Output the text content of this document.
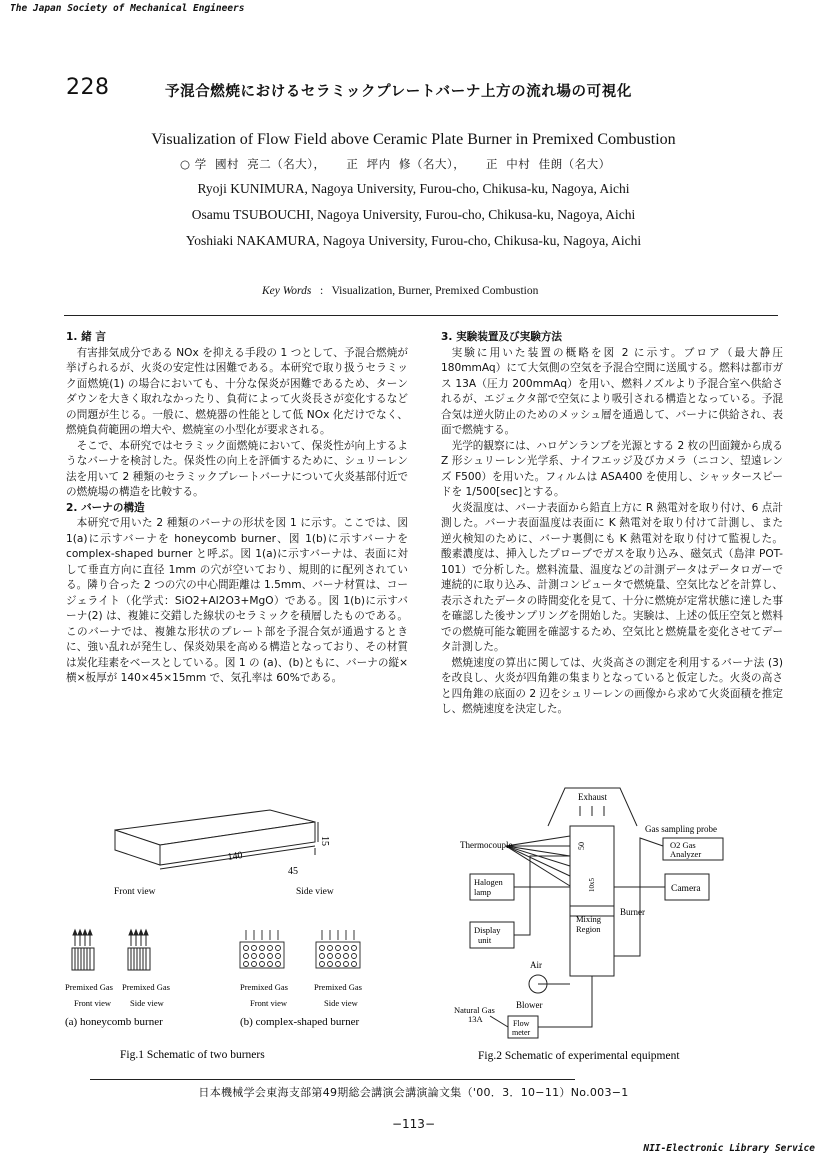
The Japan Society of Mechanical Engineers
228	予混合燃焼におけるセラミックプレートバーナ上方の流れ場の可視化
Visualization of Flow Field above Ceramic Plate Burner in Premixed Combustion
○ 学  國村  亮二（名大），     正  坪内  修（名大），     正  中村  佳朗（名大）
Ryoji KUNIMURA, Nagoya University, Furou-cho, Chikusa-ku, Nagoya, Aichi
Osamu TSUBOUCHI, Nagoya University, Furou-cho, Chikusa-ku, Nagoya, Aichi
Yoshiaki NAKAMURA, Nagoya University, Furou-cho, Chikusa-ku, Nagoya, Aichi
Key Words : Visualization, Burner, Premixed Combustion
1. 緒 言
有害排気成分である NOx を抑える手段の 1 つとして、予混合燃焼が挙げられるが、火炎の安定性は困難である。本研究で取り扱うセラミック面燃焼(1) の場合においても、十分な保炎が困難であるため、ターンダウンを大きく取れなかったり、負荷によって火炎長さが変化するなどの問題が生じる。一般に、燃焼器の性能として低 NOx 化だけでなく、燃焼負荷範囲の増大や、燃焼室の小型化が要求される。
そこで、本研究ではセラミック面燃焼において、保炎性が向上するようなバーナを検討した。保炎性の向上を評価するために、シュリーレン法を用いて 2 種類のセラミックプレートバーナについて火炎基部付近での燃焼場の構造を比較する。
2. バーナの構造
本研究で用いた 2 種類のバーナの形状を図 1 に示す。ここでは、図 1(a)に示すバーナを honeycomb burner、図 1(b)に示すバーナを complex-shaped burner と呼ぶ。図 1(a)に示すバーナは、表面に対して垂直方向に直径 1mm の穴が空いており、規則的に配列されている。隣り合った 2 つの穴の中心間距離は 1.5mm、バーナ材質は、コージェライト（化学式：SiO2+Al2O3+MgO）である。図 1(b)に示すバーナ(2) は、複雑に交錯した線状のセラミックを積層したものである。このバーナでは、複雑な形状のプレート部を予混合気が通過するときに、強い乱れが発生し、保炎効果を高める構造となっており、その材質は炭化珪素をベースとしている。図 1 の (a)、(b)ともに、バーナの縦×横×板厚が 140×45×15mm で、気孔率は 60%である。
3. 実験装置及び実験方法
実験に用いた装置の概略を図 2 に示す。ブロア（最大静圧 180mmAq）にて大気側の空気を予混合空間に送風する。燃料は都市ガス 13A（圧力 200mmAq）を用い、燃料ノズルより予混合室へ供給されるが、エジェクタ部で空気により吸引される構造となっている。予混合気は逆火防止のためのメッシュ層を通過して、バーナに供給され、表面で燃焼する。
光学的観察には、ハロゲンランプを光源とする 2 枚の凹面鏡から成る Z 形シュリーレン光学系、ナイフエッジ及びカメラ（ニコン、望遠レンズ F500）を用いた。フィルムは ASA400 を使用し、シャッタースピードを 1/500[sec]とする。
火炎温度は、バーナ表面から鉛直上方に R 熱電対を取り付け、6 点計測した。バーナ表面温度は表面に K 熱電対を取り付けて計測し、また逆火検知のために、バーナ裏側にも K 熱電対を取り付けて監視した。酸素濃度は、挿入したプローブでガスを取り込み、磁気式（島津 POT-101）で分析した。燃料流量、温度などの計測データはデータロガーで連続的に取り込み、計測コンピュータで燃焼量、空気比などを計算し、表示されたデータの時間変化を見て、十分に燃焼が定常状態に達した事を確認した後サンプリングを開始した。実験は、上述の低圧空気と燃料での燃焼可能な範囲を確認するため、空気比と燃焼量を変化させてデータ計測した。
燃焼速度の算出に関しては、火炎高さの測定を利用するバーナ法 (3) を改良し、火炎が四角錐の集まりとなっていると仮定した。火炎の高さと四角錐の底面の 2 辺をシュリーレンの画像から求めて火炎面積を推定し、燃焼速度を決定した。
140
45
15
Front view	Side view
Premixed Gas Premixed Gas	Premixed Gas	Premixed Gas
Front view Side view	Front view	Side view
(a) honeycomb burner	(b) complex-shaped burner
Fig.1 Schematic of two burners
Exhaust
Gas sampling probe
Thermocouple	O2 Gas
Analyzer
Halogen
lamp	Camera
Burner
Display
unit
Mixing
Region
Air
Blower
Natural Gas
13A	Flow
meter
50
10x5
Fig.2 Schematic of experimental equipment
日本機械学会東海支部第49期総会講演会講演論文集（'00．3．10−11）No.003−1
−113−
NII-Electronic Library Service
